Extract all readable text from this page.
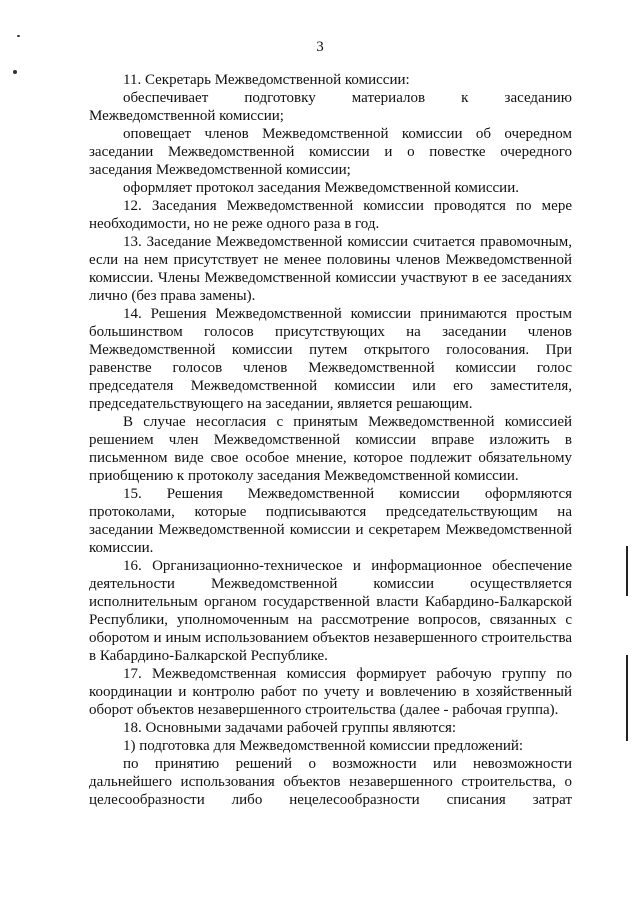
3

11. Секретарь Межведомственной комиссии:

обеспечивает подготовку материалов к заседанию Межведомственной комиссии;

оповещает членов Межведомственной комиссии об очередном заседании Межведомственной комиссии и о повестке очередного заседания Межведомственной комиссии;

оформляет протокол заседания Межведомственной комиссии.

12. Заседания Межведомственной комиссии проводятся по мере необходимости, но не реже одного раза в год.

13. Заседание Межведомственной комиссии считается правомочным, если на нем присутствует не менее половины членов Межведомственной комиссии. Члены Межведомственной комиссии участвуют в ее заседаниях лично (без права замены).

14. Решения Межведомственной комиссии принимаются простым большинством голосов присутствующих на заседании членов Межведомственной комиссии путем открытого голосования. При равенстве голосов членов Межведомственной комиссии голос председателя Межведомственной комиссии или его заместителя, председательствующего на заседании, является решающим.

В случае несогласия с принятым Межведомственной комиссией решением член Межведомственной комиссии вправе изложить в письменном виде свое особое мнение, которое подлежит обязательному приобщению к протоколу заседания Межведомственной комиссии.

15. Решения Межведомственной комиссии оформляются протоколами, которые подписываются председательствующим на заседании Межведомственной комиссии и секретарем Межведомственной комиссии.

16. Организационно-техническое и информационное обеспечение деятельности Межведомственной комиссии осуществляется исполнительным органом государственной власти Кабардино-Балкарской Республики, уполномоченным на рассмотрение вопросов, связанных с оборотом и иным использованием объектов незавершенного строительства в Кабардино-Балкарской Республике.

17. Межведомственная комиссия формирует рабочую группу по координации и контролю работ по учету и вовлечению в хозяйственный оборот объектов незавершенного строительства (далее - рабочая группа).

18. Основными задачами рабочей группы являются:

1) подготовка для Межведомственной комиссии предложений:

по принятию решений о возможности или невозможности дальнейшего использования объектов незавершенного строительства, о целесообразности либо нецелесообразности списания затрат
